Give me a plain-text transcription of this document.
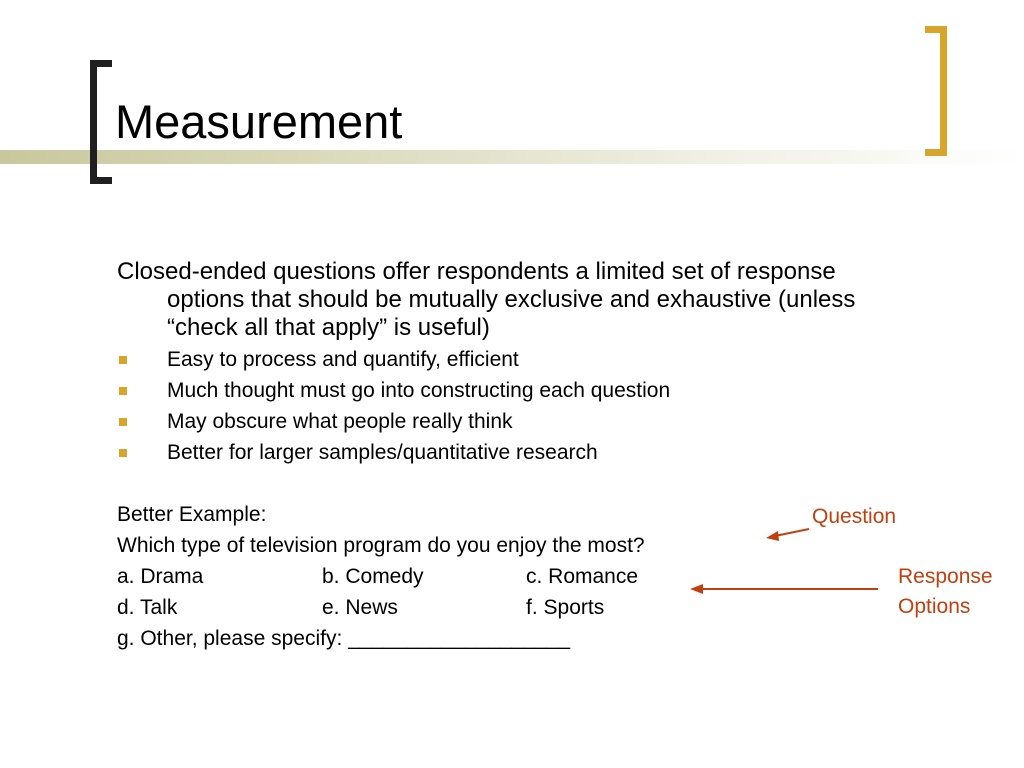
Measurement

Closed-ended questions offer respondents a limited set of response options that should be mutually exclusive and exhaustive (unless “check all that apply” is useful)

Easy to process and quantify, efficient
Much thought must go into constructing each question
May obscure what people really think
Better for larger samples/quantitative research
Better Example:
Which type of television program do you enjoy the most?
a. Drama	b. Comedy	c. Romance
d. Talk	e. News	f. Sports
g. Other, please specify: ___________________
Question
Response
Options
